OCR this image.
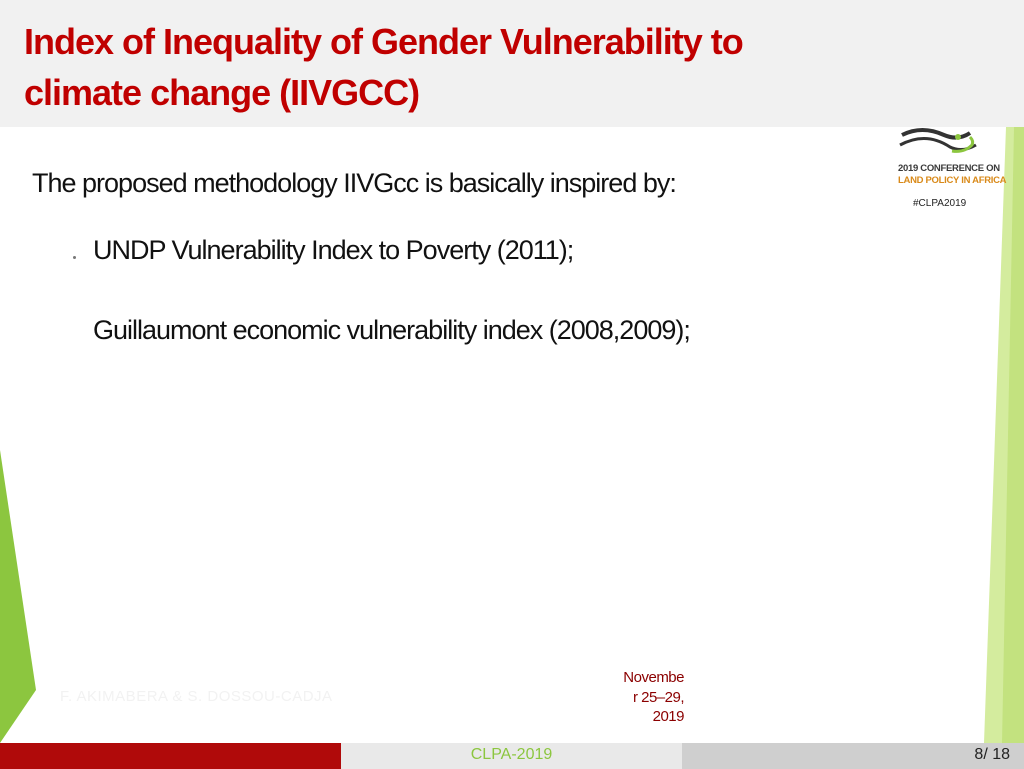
Index of Inequality of Gender Vulnerability to
climate change (IIVGCC)
2019 CONFERENCE ON
LAND POLICY IN AFRICA
#CLPA2019
The proposed methodology IIVGcc is basically inspired by:
UNDP Vulnerability Index to Poverty (2011);
Guillaumont economic vulnerability index (2008,2009);
F. AKIMABERA & S. DOSSOU-CADJA
Novembe
r 25–29,
2019
CLPA-2019	8/ 18
